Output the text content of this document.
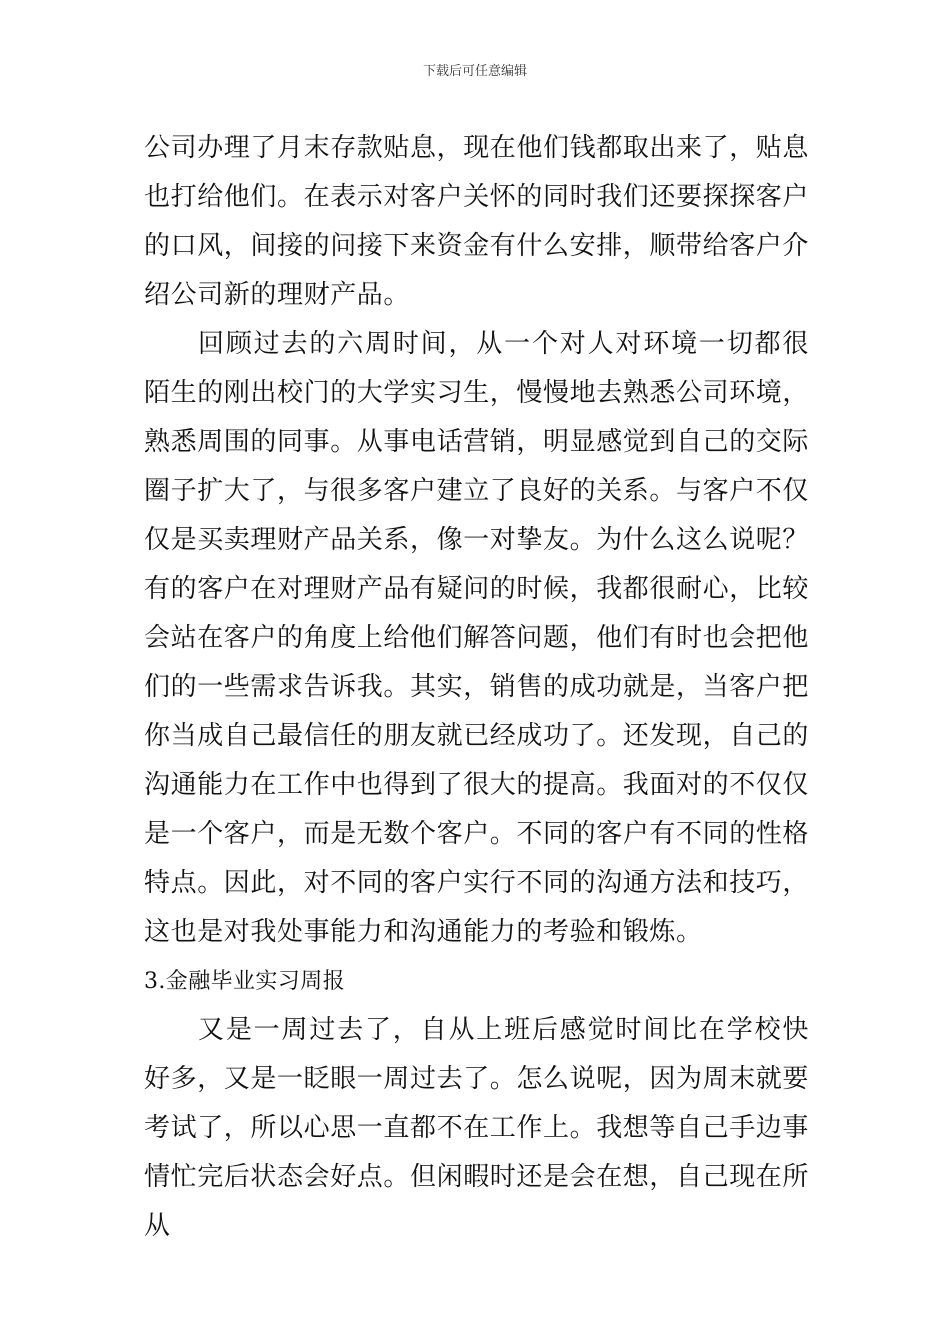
下载后可任意编辑

公司办理了月末存款贴息，现在他们钱都取出来了，贴息也打给他们。在表示对客户关怀的同时我们还要探探客户的口风，间接的问接下来资金有什么安排，顺带给客户介绍公司新的理财产品。

回顾过去的六周时间，从一个对人对环境一切都很陌生的刚出校门的大学实习生，慢慢地去熟悉公司环境，熟悉周围的同事。从事电话营销，明显感觉到自己的交际圈子扩大了，与很多客户建立了良好的关系。与客户不仅仅是买卖理财产品关系，像一对挚友。为什么这么说呢？有的客户在对理财产品有疑问的时候，我都很耐心，比较会站在客户的角度上给他们解答问题，他们有时也会把他们的一些需求告诉我。其实，销售的成功就是，当客户把你当成自己最信任的朋友就已经成功了。还发现，自己的沟通能力在工作中也得到了很大的提高。我面对的不仅仅是一个客户，而是无数个客户。不同的客户有不同的性格特点。因此，对不同的客户实行不同的沟通方法和技巧，这也是对我处事能力和沟通能力的考验和锻炼。

3.金融毕业实习周报

又是一周过去了，自从上班后感觉时间比在学校快好多，又是一眨眼一周过去了。怎么说呢，因为周末就要考试了，所以心思一直都不在工作上。我想等自己手边事情忙完后状态会好点。但闲暇时还是会在想，自己现在所从
